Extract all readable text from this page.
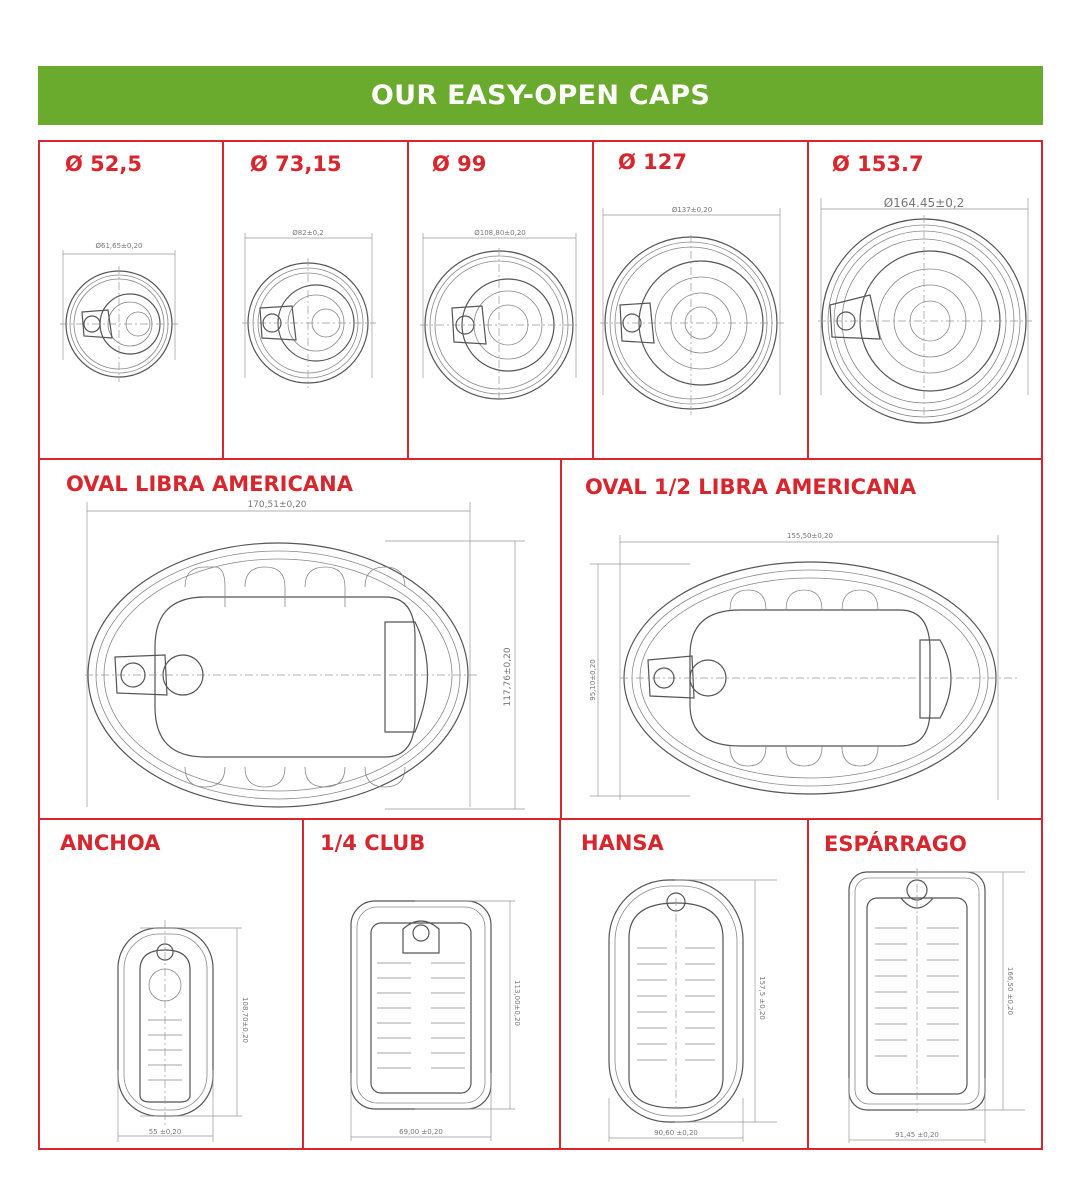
OUR EASY-OPEN CAPS
Ø 52,5	Ø 73,15	Ø 99	Ø 127	Ø 153.7
Ø61,65±0,20
Ø82±0,2	Ø108,80±0,20
Ø137±0,20	Ø164.45±0,2
OVAL LIBRA AMERICANA	OVAL 1/2 LIBRA AMERICANA
170,51±0,20
117,76±0,20
155,50±0,20
95,10±0,20
ANCHOA	1/4 CLUB	HANSA	ESPÁRRAGO
108,70±0,20
55 ±0,20
113,00±0,20
69,00 ±0,20
157,5 ±0,20
90,60 ±0,20
166,50 ±0,20
91,45 ±0,20
